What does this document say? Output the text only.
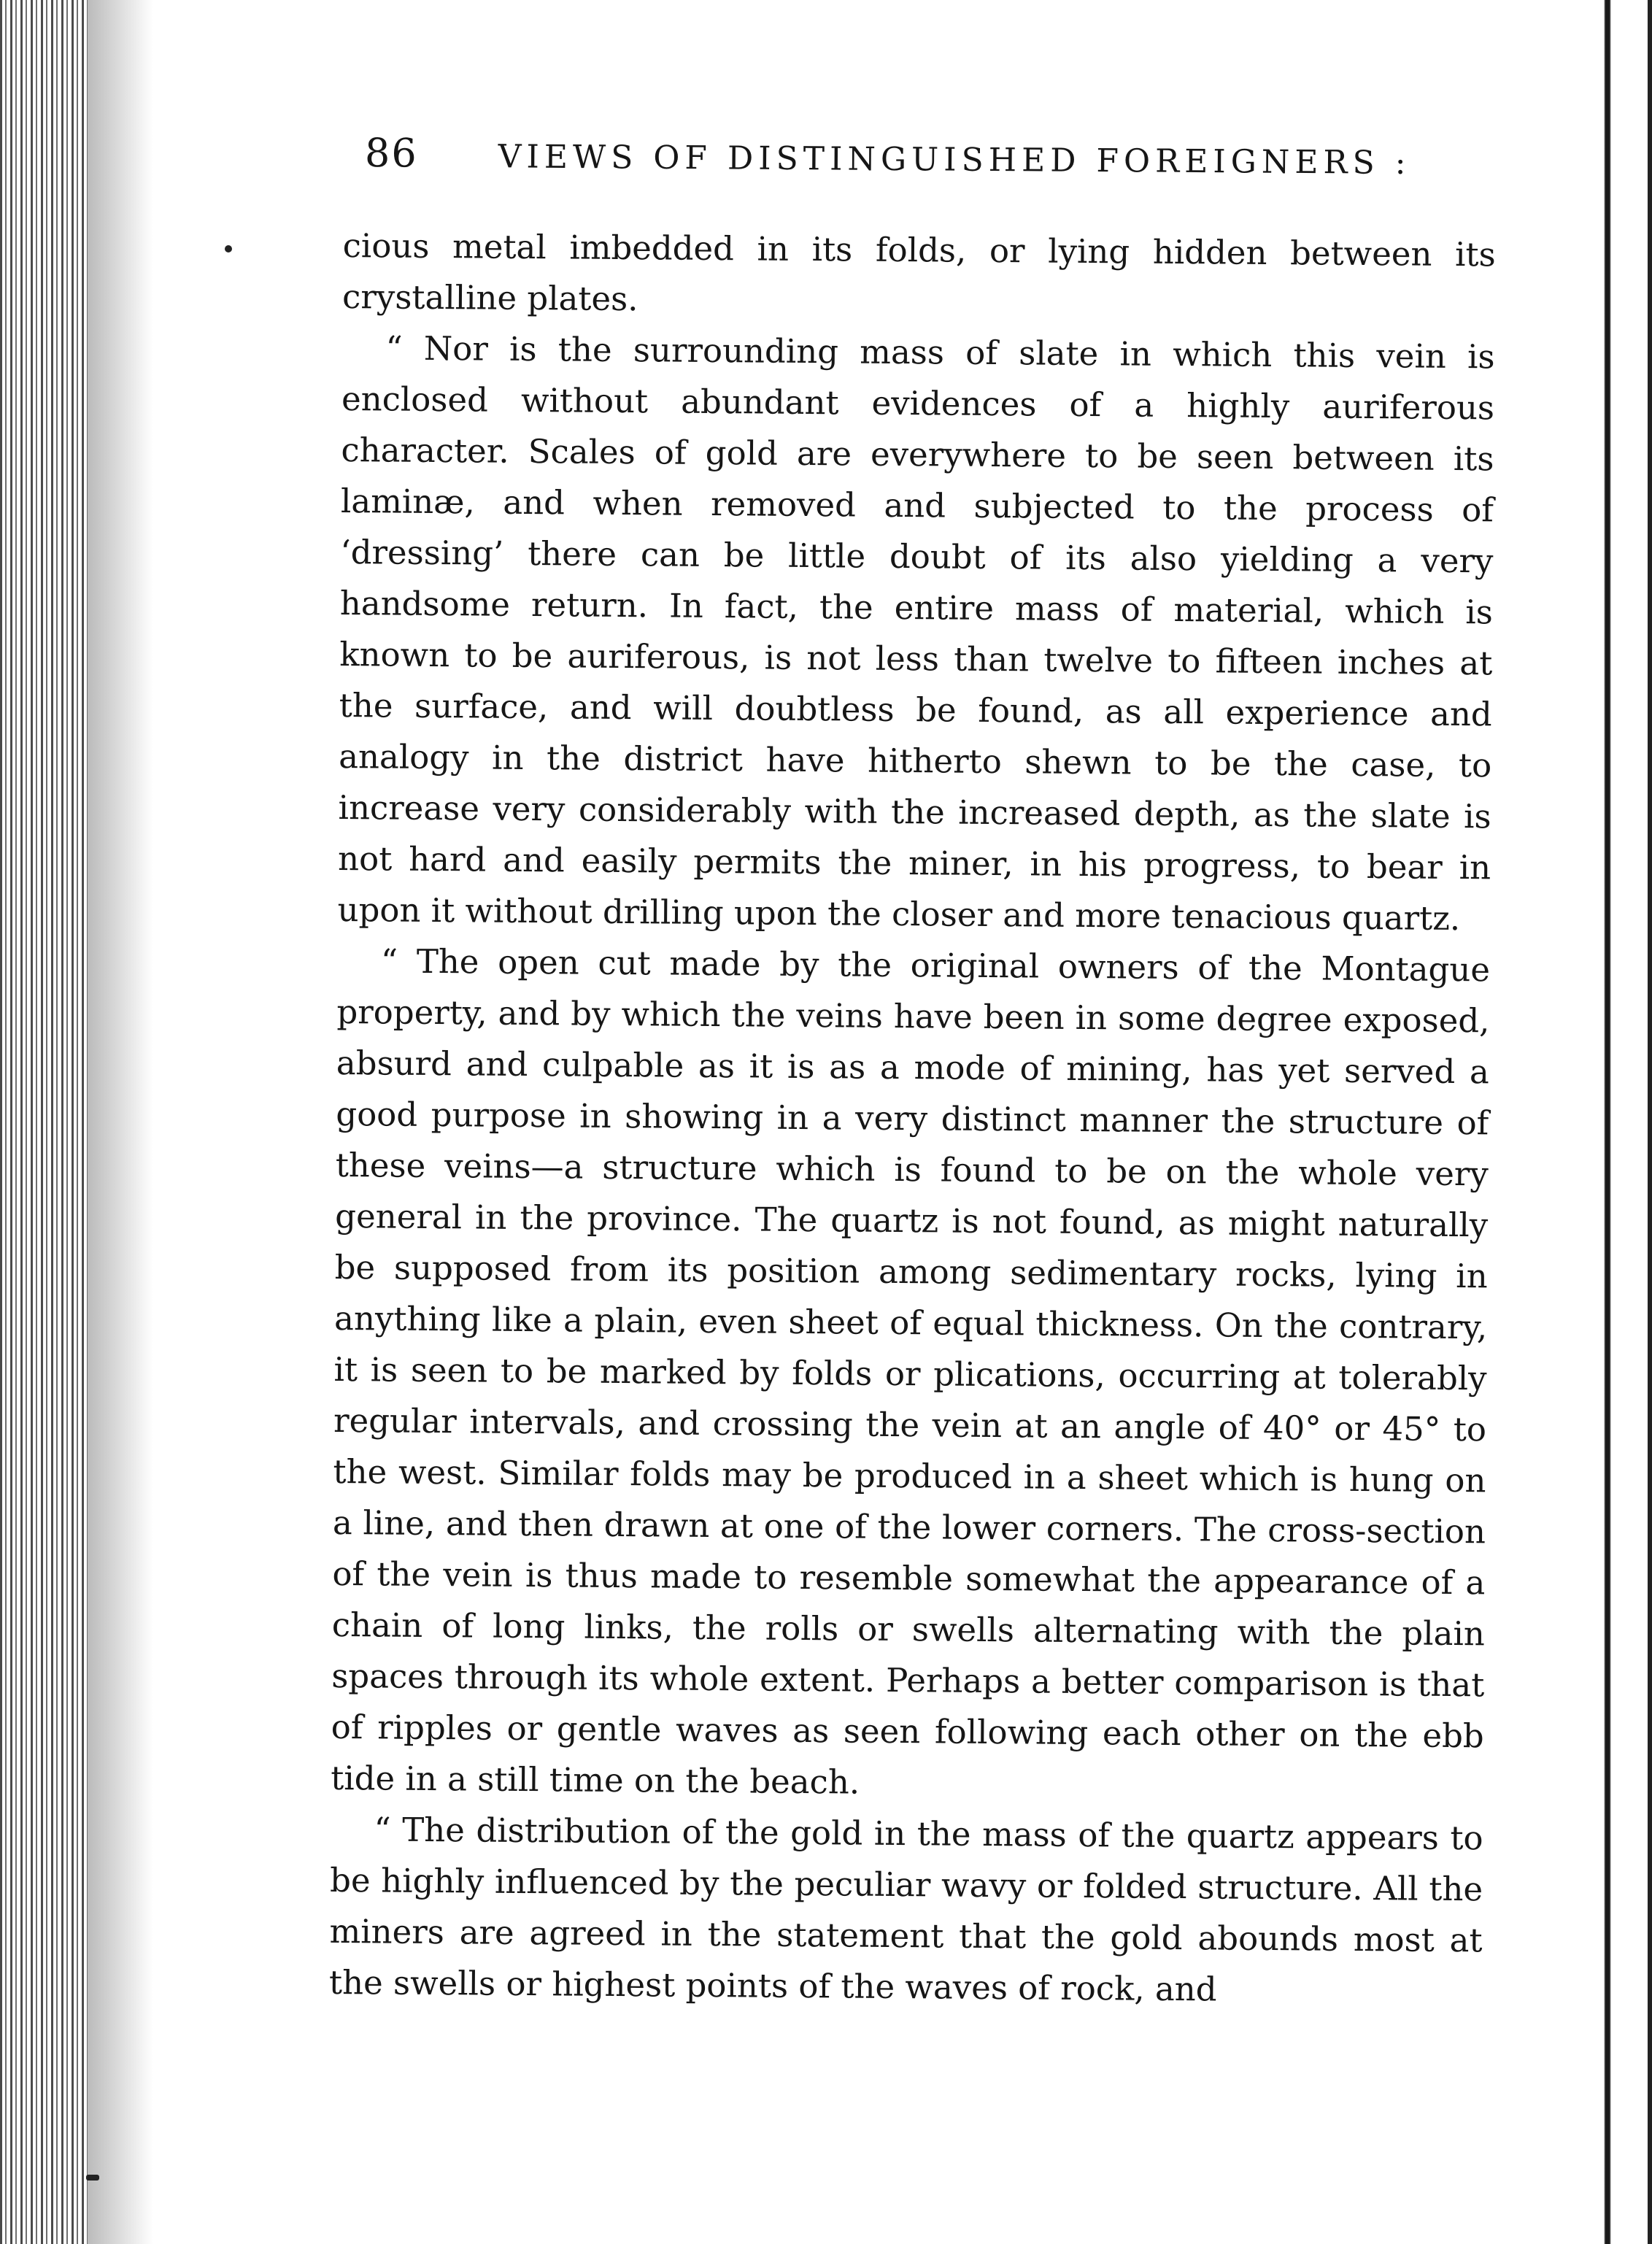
86 VIEWS OF DISTINGUISHED FOREIGNERS :

cious metal imbedded in its folds, or lying hidden between its crystalline plates.

“ Nor is the surrounding mass of slate in which this vein is enclosed without abundant evidences of a highly auriferous character. Scales of gold are everywhere to be seen between its laminæ, and when removed and subjected to the process of ‘dressing’ there can be little doubt of its also yielding a very handsome return. In fact, the entire mass of material, which is known to be auriferous, is not less than twelve to fifteen inches at the surface, and will doubtless be found, as all experience and analogy in the district have hitherto shewn to be the case, to increase very considerably with the increased depth, as the slate is not hard and easily permits the miner, in his progress, to bear in upon it without drilling upon the closer and more tenacious quartz.

“ The open cut made by the original owners of the Montague property, and by which the veins have been in some degree exposed, absurd and culpable as it is as a mode of mining, has yet served a good purpose in showing in a very distinct manner the structure of these veins—a structure which is found to be on the whole very general in the province. The quartz is not found, as might naturally be supposed from its position among sedimentary rocks, lying in anything like a plain, even sheet of equal thickness. On the contrary, it is seen to be marked by folds or plications, occurring at tolerably regular intervals, and crossing the vein at an angle of 40° or 45° to the west. Similar folds may be produced in a sheet which is hung on a line, and then drawn at one of the lower corners. The cross-section of the vein is thus made to resemble somewhat the appearance of a chain of long links, the rolls or swells alternating with the plain spaces through its whole extent. Perhaps a better comparison is that of ripples or gentle waves as seen following each other on the ebb tide in a still time on the beach.

“ The distribution of the gold in the mass of the quartz appears to be highly influenced by the peculiar wavy or folded structure. All the miners are agreed in the statement that the gold abounds most at the swells or highest points of the waves of rock, and
